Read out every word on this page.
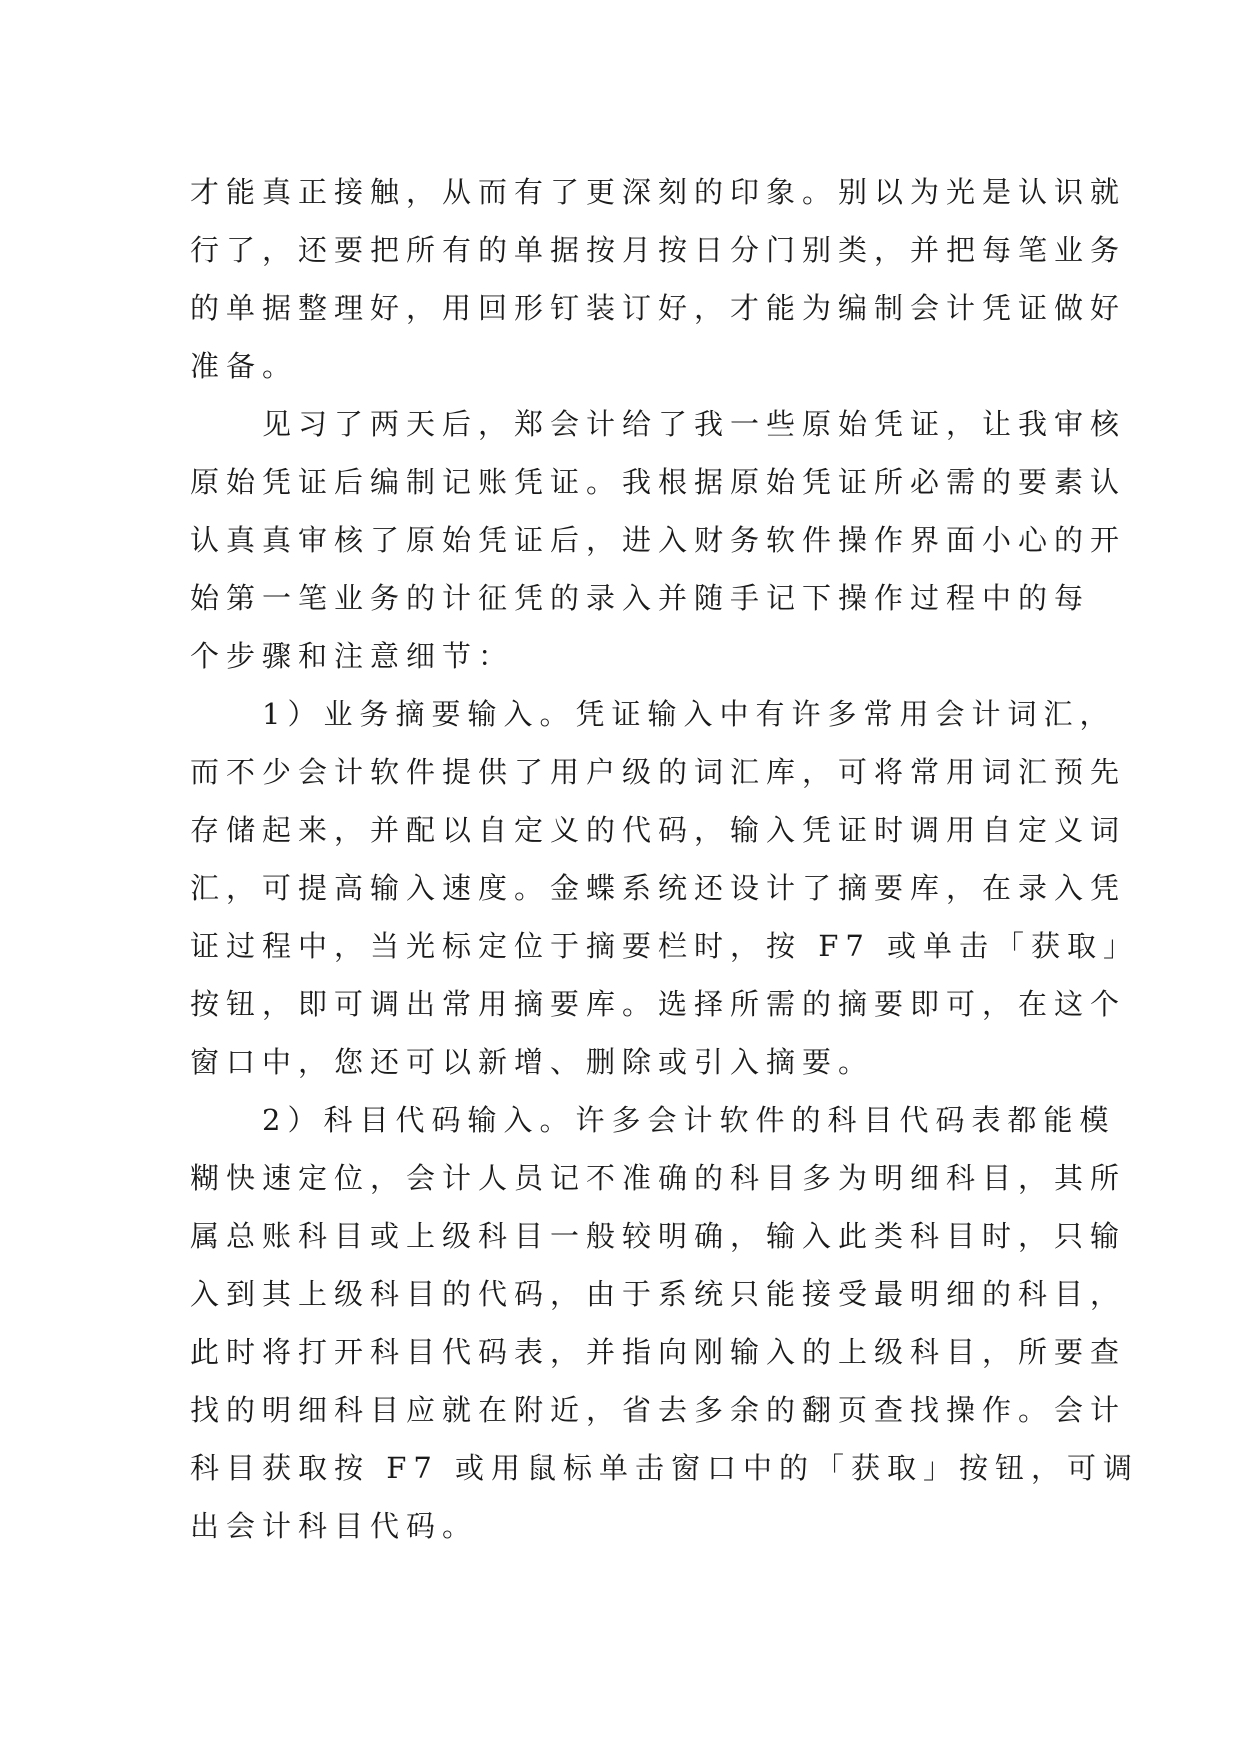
才能真正接触，从而有了更深刻的印象。别以为光是认识就
行了，还要把所有的单据按月按日分门别类，并把每笔业务
的单据整理好，用回形钉装订好，才能为编制会计凭证做好
准备。
见习了两天后，郑会计给了我一些原始凭证，让我审核
原始凭证后编制记账凭证。我根据原始凭证所必需的要素认
认真真审核了原始凭证后，进入财务软件操作界面小心的开
始第一笔业务的计征凭的录入并随手记下操作过程中的每
个步骤和注意细节：
1）业务摘要输入。凭证输入中有许多常用会计词汇，
而不少会计软件提供了用户级的词汇库，可将常用词汇预先
存储起来，并配以自定义的代码，输入凭证时调用自定义词
汇，可提高输入速度。金蝶系统还设计了摘要库，在录入凭
证过程中，当光标定位于摘要栏时，按 F7 或单击「获取」
按钮，即可调出常用摘要库。选择所需的摘要即可，在这个
窗口中，您还可以新增、删除或引入摘要。
2）科目代码输入。许多会计软件的科目代码表都能模
糊快速定位，会计人员记不准确的科目多为明细科目，其所
属总账科目或上级科目一般较明确，输入此类科目时，只输
入到其上级科目的代码，由于系统只能接受最明细的科目，
此时将打开科目代码表，并指向刚输入的上级科目，所要查
找的明细科目应就在附近，省去多余的翻页查找操作。会计
科目获取按 F7 或用鼠标单击窗口中的「获取」按钮，可调
出会计科目代码。
